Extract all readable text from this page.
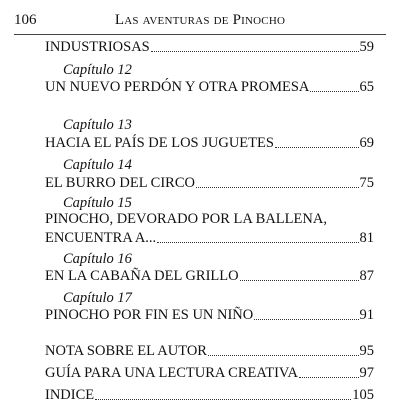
106	Las aventuras de Pinocho
INDUSTRIOSAS	59
Capítulo 12
UN NUEVO PERDÓN Y OTRA PROMESA	65
Capítulo 13
HACIA EL PAÍS DE LOS JUGUETES	69
Capítulo 14
EL BURRO DEL CIRCO	75
Capítulo 15
PINOCHO, DEVORADO POR LA BALLENA,
ENCUENTRA A...	81
Capítulo 16
EN LA CABAÑA DEL GRILLO	87
Capítulo 17
PINOCHO POR FIN ES UN NIÑO	91
NOTA SOBRE EL AUTOR	95
GUÍA PARA UNA LECTURA CREATIVA	97
INDICE	105
